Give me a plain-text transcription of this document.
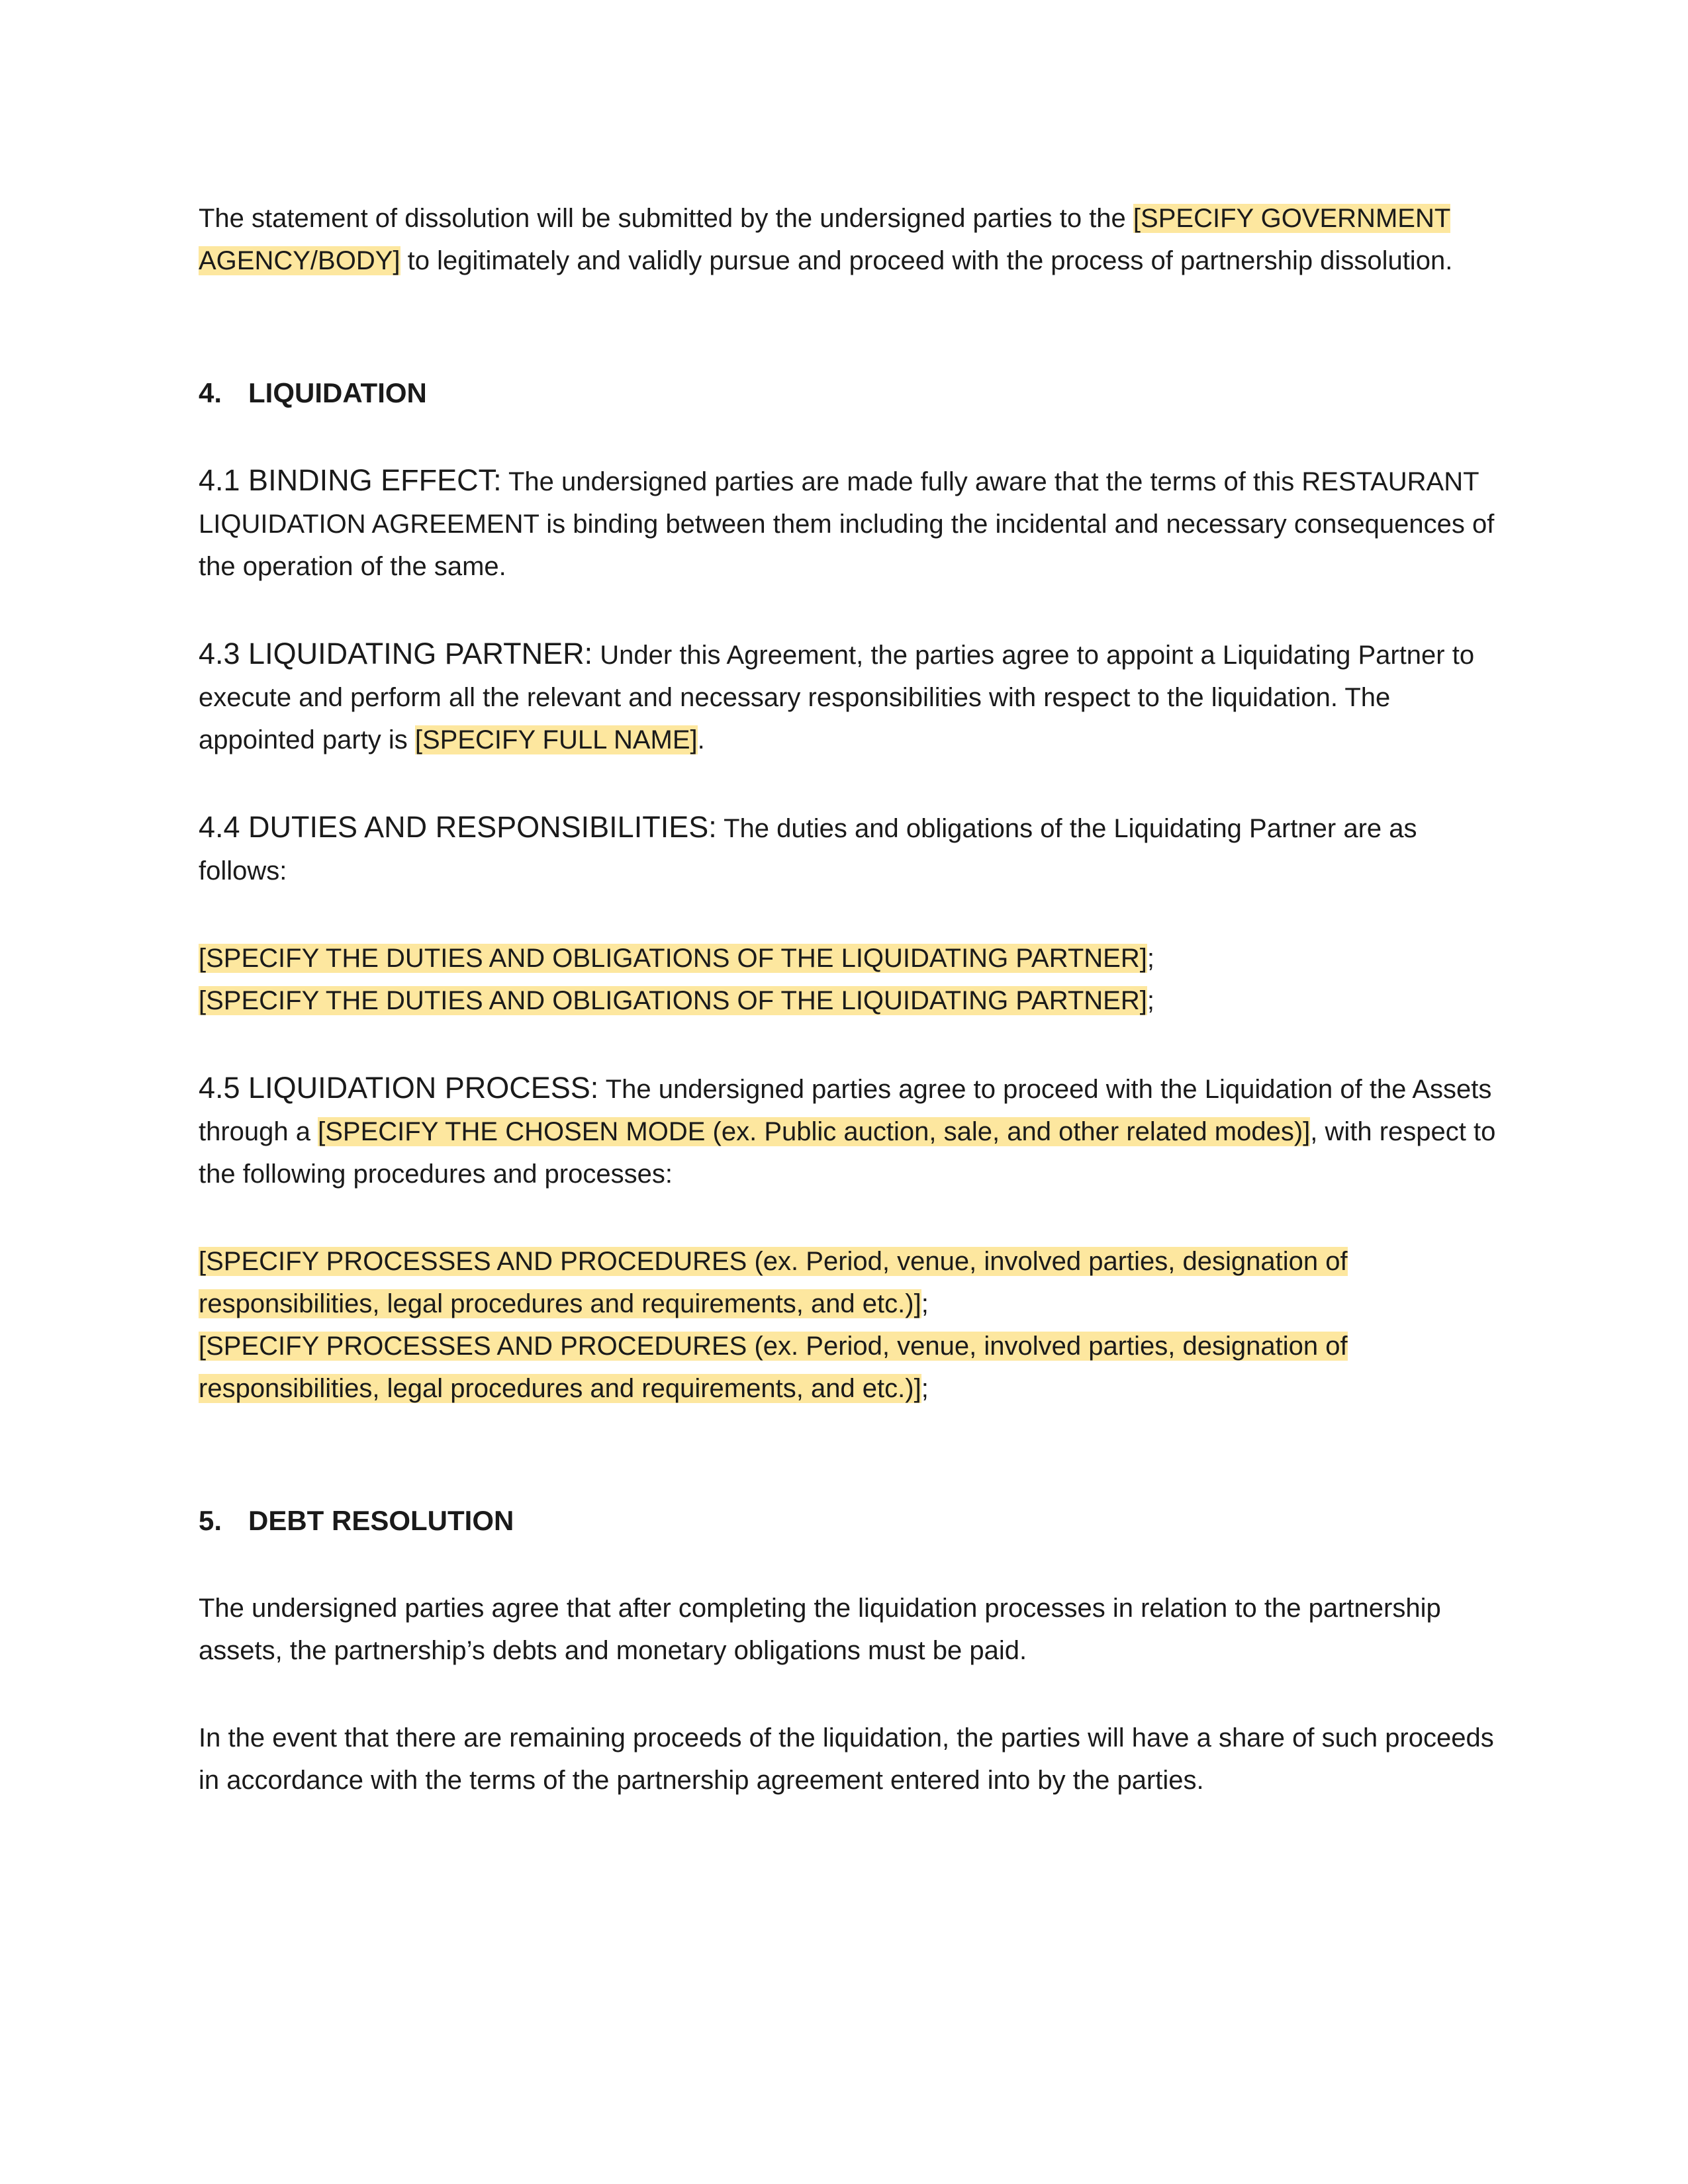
The statement of dissolution will be submitted by the undersigned parties to the [SPECIFY GOVERNMENT AGENCY/BODY] to legitimately and validly pursue and proceed with the process of partnership dissolution.

4. LIQUIDATION

4.1 BINDING EFFECT: The undersigned parties are made fully aware that the terms of this RESTAURANT LIQUIDATION AGREEMENT is binding between them including the incidental and necessary consequences of the operation of the same.

4.3 LIQUIDATING PARTNER: Under this Agreement, the parties agree to appoint a Liquidating Partner to execute and perform all the relevant and necessary responsibilities with respect to the liquidation. The appointed party is [SPECIFY FULL NAME].

4.4 DUTIES AND RESPONSIBILITIES: The duties and obligations of the Liquidating Partner are as follows:

[SPECIFY THE DUTIES AND OBLIGATIONS OF THE LIQUIDATING PARTNER];

[SPECIFY THE DUTIES AND OBLIGATIONS OF THE LIQUIDATING PARTNER];

4.5 LIQUIDATION PROCESS: The undersigned parties agree to proceed with the Liquidation of the Assets through a [SPECIFY THE CHOSEN MODE (ex. Public auction, sale, and other related modes)], with respect to the following procedures and processes:

[SPECIFY PROCESSES AND PROCEDURES (ex. Period, venue, involved parties, designation of responsibilities, legal procedures and requirements, and etc.)];

[SPECIFY PROCESSES AND PROCEDURES (ex. Period, venue, involved parties, designation of responsibilities, legal procedures and requirements, and etc.)];

5. DEBT RESOLUTION

The undersigned parties agree that after completing the liquidation processes in relation to the partnership assets, the partnership’s debts and monetary obligations must be paid.

In the event that there are remaining proceeds of the liquidation, the parties will have a share of such proceeds in accordance with the terms of the partnership agreement entered into by the parties.
